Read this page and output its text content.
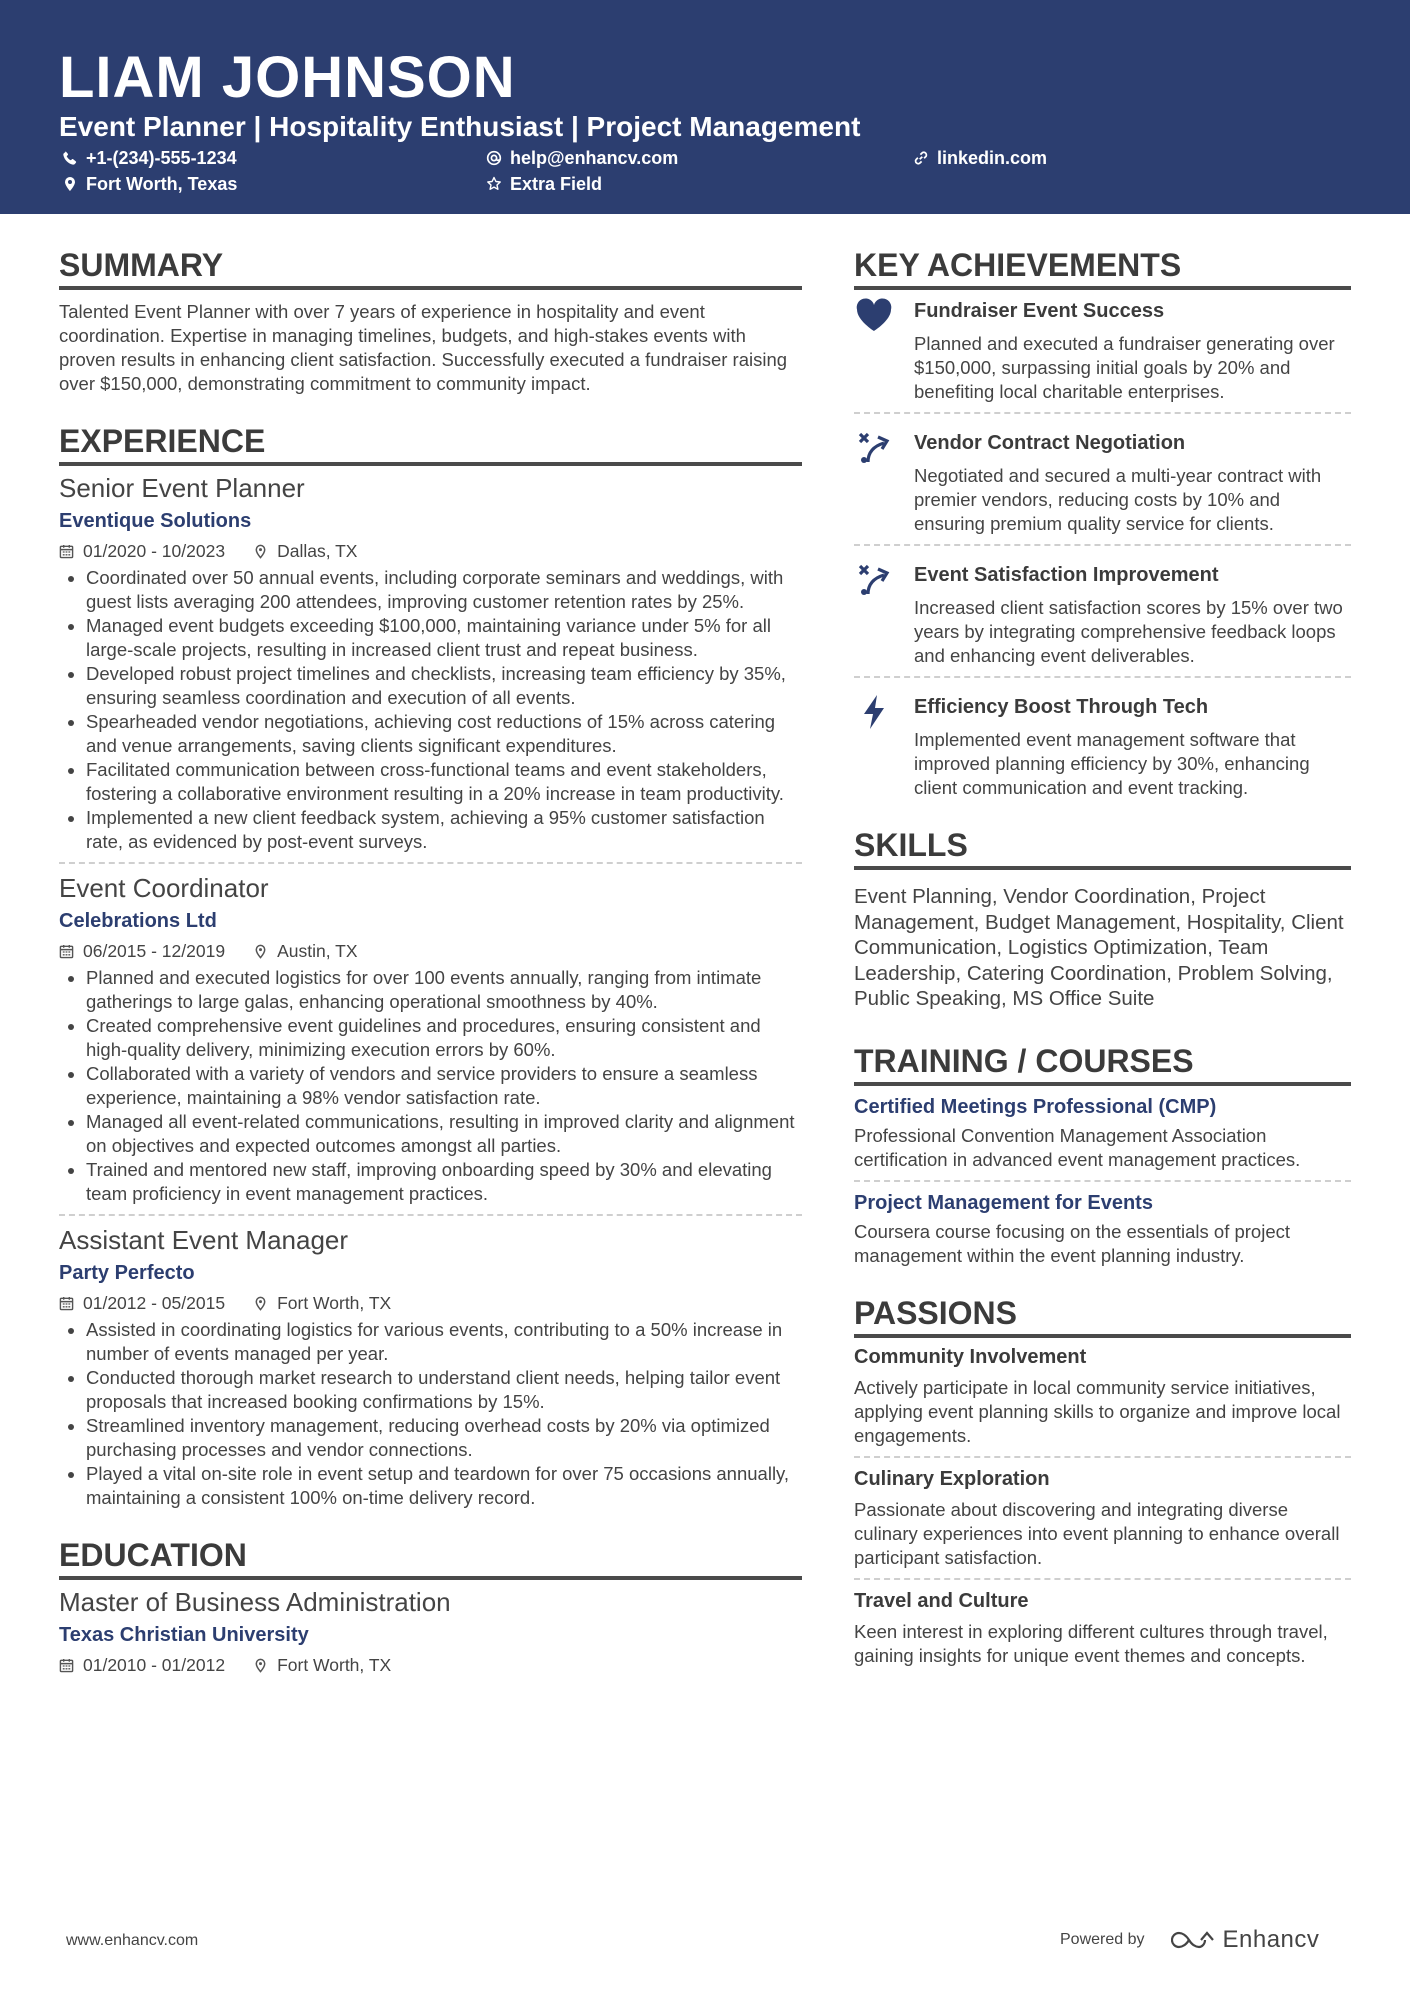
LIAM JOHNSON
Event Planner | Hospitality Enthusiast | Project Management
+1-(234)-555-1234	help@enhancv.com	linkedin.com
Fort Worth, Texas	Extra Field
SUMMARY

Talented Event Planner with over 7 years of experience in hospitality and event coordination. Expertise in managing timelines, budgets, and high-stakes events with proven results in enhancing client satisfaction. Successfully executed a fundraiser raising over $150,000, demonstrating commitment to community impact.

EXPERIENCE
Senior Event Planner
Eventique Solutions
01/2020 - 10/2023	Dallas, TX
• Coordinated over 50 annual events, including corporate seminars and weddings, with guest lists averaging 200 attendees, improving customer retention rates by 25%.
• Managed event budgets exceeding $100,000, maintaining variance under 5% for all large-scale projects, resulting in increased client trust and repeat business.
• Developed robust project timelines and checklists, increasing team efficiency by 35%, ensuring seamless coordination and execution of all events.
• Spearheaded vendor negotiations, achieving cost reductions of 15% across catering and venue arrangements, saving clients significant expenditures.
• Facilitated communication between cross-functional teams and event stakeholders, fostering a collaborative environment resulting in a 20% increase in team productivity.
• Implemented a new client feedback system, achieving a 95% customer satisfaction rate, as evidenced by post-event surveys.
Event Coordinator
Celebrations Ltd
06/2015 - 12/2019	Austin, TX
• Planned and executed logistics for over 100 events annually, ranging from intimate gatherings to large galas, enhancing operational smoothness by 40%.
• Created comprehensive event guidelines and procedures, ensuring consistent and high-quality delivery, minimizing execution errors by 60%.
• Collaborated with a variety of vendors and service providers to ensure a seamless experience, maintaining a 98% vendor satisfaction rate.
• Managed all event-related communications, resulting in improved clarity and alignment on objectives and expected outcomes amongst all parties.
• Trained and mentored new staff, improving onboarding speed by 30% and elevating team proficiency in event management practices.
Assistant Event Manager
Party Perfecto
01/2012 - 05/2015	Fort Worth, TX
• Assisted in coordinating logistics for various events, contributing to a 50% increase in number of events managed per year.
• Conducted thorough market research to understand client needs, helping tailor event proposals that increased booking confirmations by 15%.
• Streamlined inventory management, reducing overhead costs by 20% via optimized purchasing processes and vendor connections.
• Played a vital on-site role in event setup and teardown for over 75 occasions annually, maintaining a consistent 100% on-time delivery record.
EDUCATION
Master of Business Administration
Texas Christian University
01/2010 - 01/2012	Fort Worth, TX
KEY ACHIEVEMENTS
Fundraiser Event Success
Planned and executed a fundraiser generating over $150,000, surpassing initial goals by 20% and benefiting local charitable enterprises.
Vendor Contract Negotiation
Negotiated and secured a multi-year contract with premier vendors, reducing costs by 10% and ensuring premium quality service for clients.
Event Satisfaction Improvement
Increased client satisfaction scores by 15% over two years by integrating comprehensive feedback loops and enhancing event deliverables.
Efficiency Boost Through Tech
Implemented event management software that improved planning efficiency by 30%, enhancing client communication and event tracking.
SKILLS

Event Planning, Vendor Coordination, Project Management, Budget Management, Hospitality, Client Communication, Logistics Optimization, Team Leadership, Catering Coordination, Problem Solving, Public Speaking, MS Office Suite

TRAINING / COURSES
Certified Meetings Professional (CMP)

Professional Convention Management Association certification in advanced event management practices.

Project Management for Events

Coursera course focusing on the essentials of project management within the event planning industry.

PASSIONS
Community Involvement

Actively participate in local community service initiatives, applying event planning skills to organize and improve local engagements.

Culinary Exploration

Passionate about discovering and integrating diverse culinary experiences into event planning to enhance overall participant satisfaction.

Travel and Culture

Keen interest in exploring different cultures through travel, gaining insights for unique event themes and concepts.

www.enhancv.com	Powered by	Enhancv
